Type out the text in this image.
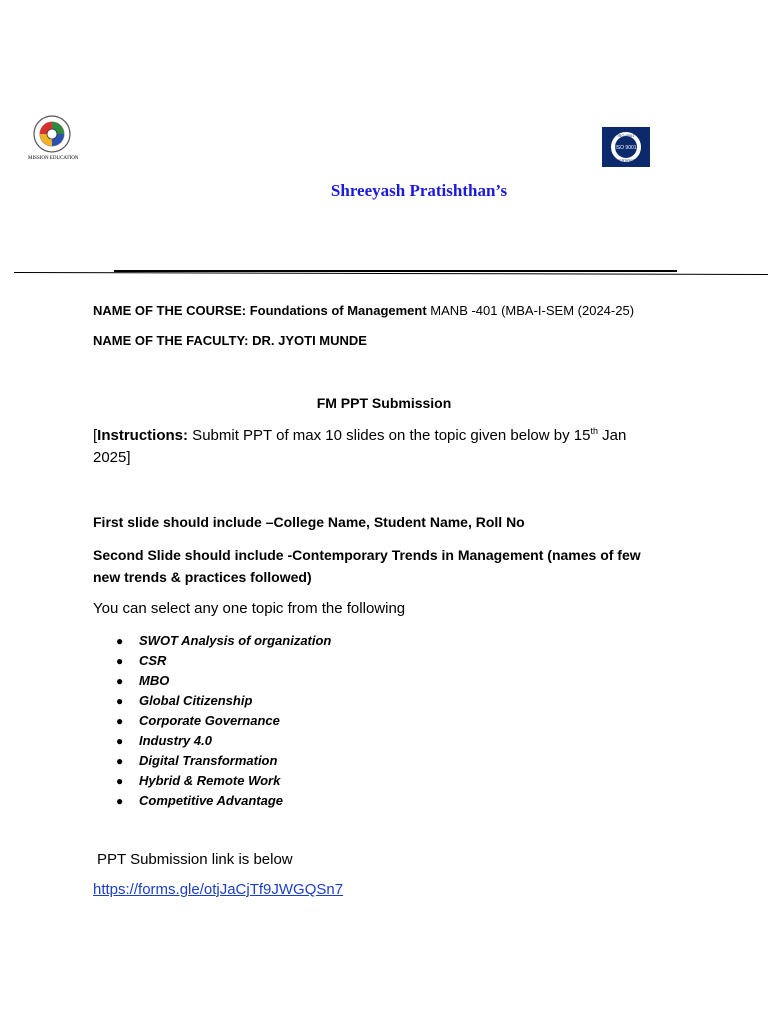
MISSION EDUCATION
ISO 9001
ISO 9001
CERTIFIED
Shreeyash Pratishthan’s
NAME OF THE COURSE: Foundations of Management MANB -401 (MBA-I-SEM (2024-25)
NAME OF THE FACULTY: DR. JYOTI MUNDE
FM PPT Submission
[Instructions: Submit PPT of max 10 slides on the topic given below by 15th Jan
2025]
First slide should include –College Name, Student Name, Roll No
Second Slide should include -Contemporary Trends in Management (names of few new trends & practices followed)
You can select any one topic from the following
● SWOT Analysis of organization
● CSR
● MBO
● Global Citizenship
● Corporate Governance
● Industry 4.0
● Digital Transformation
● Hybrid & Remote Work
● Competitive Advantage
PPT Submission link is below
https://forms.gle/otjJaCjTf9JWGQSn7
